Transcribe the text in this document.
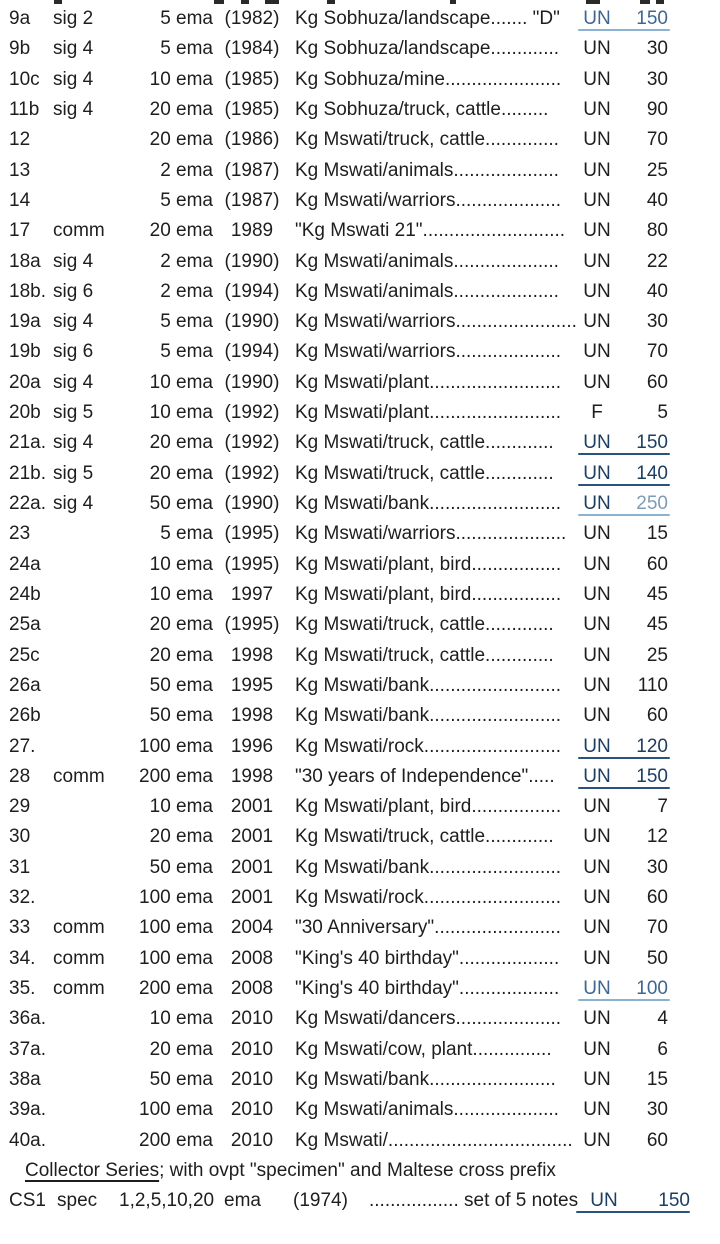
9a	sig 2	5 ema (1982) Kg Sobhuza/landscape....... "D"	UN	150
9b	sig 4	5 ema (1984) Kg Sobhuza/landscape.............	UN	30
10c sig 4	10 ema (1985) Kg Sobhuza/mine......................	UN	30
11b sig 4	20 ema (1985) Kg Sobhuza/truck, cattle.........	UN	90
12	20 ema (1986) Kg Mswati/truck, cattle..............	UN	70
13	2 ema (1987) Kg Mswati/animals....................	UN	25
14	5 ema (1987) Kg Mswati/warriors....................	UN	40
17	comm	20 ema 1989	"Kg Mswati 21"........................... UN	80
18a sig 4	2 ema (1990) Kg Mswati/animals....................	UN	22
18b. sig 6	2 ema (1994) Kg Mswati/animals....................	UN	40
19a sig 4	5 ema (1990) Kg Mswati/warriors....................... UN	30
19b sig 6	5 ema (1994) Kg Mswati/warriors....................	UN	70
20a sig 4	10 ema (1990) Kg Mswati/plant.........................	UN	60
20b sig 5	10 ema (1992) Kg Mswati/plant.........................	F	5
21a. sig 4	20 ema (1992) Kg Mswati/truck, cattle.............	UN	150
21b. sig 5	20 ema (1992) Kg Mswati/truck, cattle.............	UN	140
22a. sig 4	50 ema (1990) Kg Mswati/bank.........................	UN	250
23	5 ema (1995) Kg Mswati/warriors..................... UN	15
24a	10 ema (1995) Kg Mswati/plant, bird.................	UN	60
24b	10 ema 1997	Kg Mswati/plant, bird.................	UN	45
25a	20 ema (1995) Kg Mswati/truck, cattle.............	UN	45
25c	20 ema 1998	Kg Mswati/truck, cattle.............	UN	25
26a	50 ema 1995	Kg Mswati/bank.........................	UN	110
26b	50 ema 1998	Kg Mswati/bank.........................	UN	60
27.	100 ema 1996	Kg Mswati/rock..........................	UN	120
28	comm	200 ema 1998	"30 years of Independence".....	UN	150
29	10 ema 2001	Kg Mswati/plant, bird.................	UN	7
30	20 ema 2001	Kg Mswati/truck, cattle.............	UN	12
31	50 ema 2001	Kg Mswati/bank.........................	UN	30
32.	100 ema 2001	Kg Mswati/rock..........................	UN	60
33	comm	100 ema 2004	"30 Anniversary"........................	UN	70
34. comm	100 ema 2008	"King's 40 birthday"...................	UN	50
35. comm	200 ema 2008	"King's 40 birthday"...................	UN	100
36a.	10 ema 2010	Kg Mswati/dancers....................	UN	4
37a.	20 ema 2010	Kg Mswati/cow, plant...............	UN	6
38a	50 ema 2010	Kg Mswati/bank........................	UN	15
39a.	100 ema 2010	Kg Mswati/animals....................	UN	30
40a.	200 ema 2010	Kg Mswati/................................... UN	60
Collector Series; with ovpt "specimen" and Maltese cross prefix
CS1 spec	1,2,5,10,20 ema	(1974)	................. set of 5 notes UN	150
